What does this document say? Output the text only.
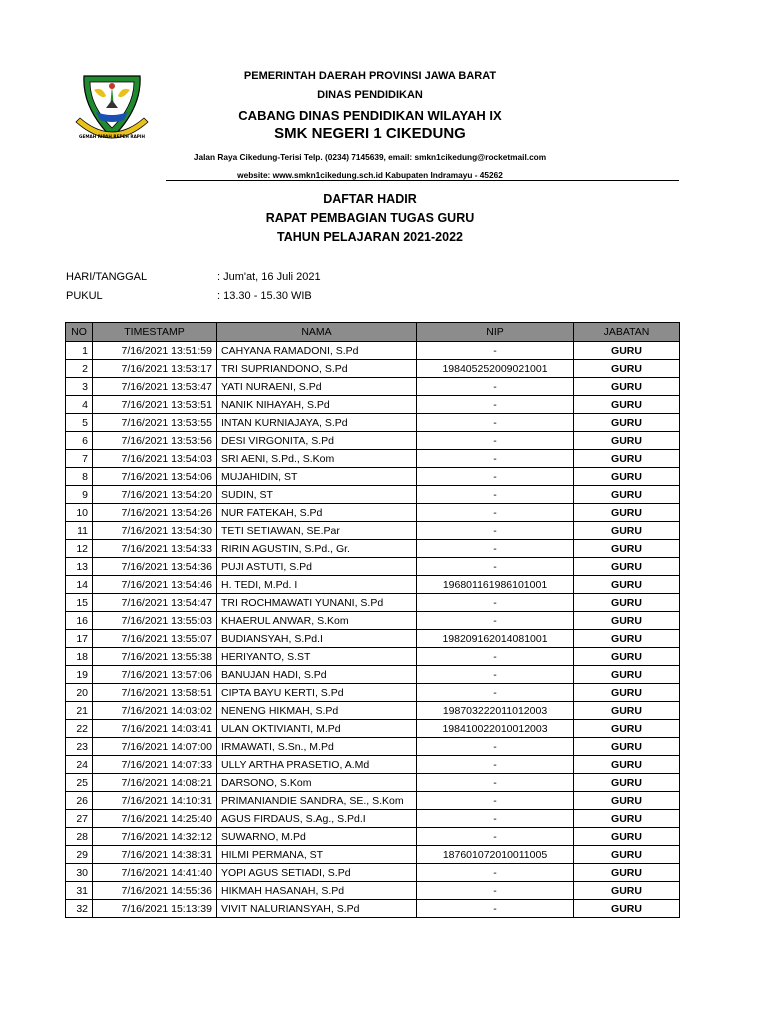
GEMAH RIPAH REPEH RAPIH
PEMERINTAH DAERAH PROVINSI JAWA BARAT
DINAS PENDIDIKAN
CABANG DINAS PENDIDIKAN WILAYAH IX
SMK NEGERI 1 CIKEDUNG
Jalan Raya Cikedung-Terisi Telp. (0234) 7145639, email: smkn1cikedung@rocketmail.com
website: www.smkn1cikedung.sch.id Kabupaten Indramayu - 45262
DAFTAR HADIR
RAPAT PEMBAGIAN TUGAS GURU
TAHUN PELAJARAN 2021-2022
HARI/TANGGAL	: Jum'at, 16 Juli 2021
PUKUL	: 13.30 - 15.30 WIB
NO	TIMESTAMP	NAMA	NIP	JABATAN
1	7/16/2021 13:51:59	CAHYANA RAMADONI, S.Pd	-	GURU
2	7/16/2021 13:53:17	TRI SUPRIANDONO, S.Pd	198405252009021001	GURU
3	7/16/2021 13:53:47	YATI NURAENI, S.Pd	-	GURU
4	7/16/2021 13:53:51	NANIK NIHAYAH, S.Pd	-	GURU
5	7/16/2021 13:53:55	INTAN KURNIAJAYA, S.Pd	-	GURU
6	7/16/2021 13:53:56	DESI VIRGONITA, S.Pd	-	GURU
7	7/16/2021 13:54:03	SRI AENI, S.Pd., S.Kom	-	GURU
8	7/16/2021 13:54:06	MUJAHIDIN, ST	-	GURU
9	7/16/2021 13:54:20	SUDIN, ST	-	GURU
10	7/16/2021 13:54:26	NUR FATEKAH, S.Pd	-	GURU
11	7/16/2021 13:54:30	TETI SETIAWAN, SE.Par	-	GURU
12	7/16/2021 13:54:33	RIRIN AGUSTIN, S.Pd., Gr.	-	GURU
13	7/16/2021 13:54:36	PUJI ASTUTI, S.Pd	-	GURU
14	7/16/2021 13:54:46	H. TEDI, M.Pd. I	196801161986101001	GURU
15	7/16/2021 13:54:47	TRI ROCHMAWATI YUNANI, S.Pd	-	GURU
16	7/16/2021 13:55:03	KHAERUL ANWAR, S.Kom	-	GURU
17	7/16/2021 13:55:07	BUDIANSYAH, S.Pd.I	198209162014081001	GURU
18	7/16/2021 13:55:38	HERIYANTO, S.ST	-	GURU
19	7/16/2021 13:57:06	BANUJAN HADI, S.Pd	-	GURU
20	7/16/2021 13:58:51	CIPTA BAYU KERTI, S.Pd	-	GURU
21	7/16/2021 14:03:02	NENENG HIKMAH, S.Pd	198703222011012003	GURU
22	7/16/2021 14:03:41	ULAN OKTIVIANTI, M.Pd	198410022010012003	GURU
23	7/16/2021 14:07:00	IRMAWATI, S.Sn., M.Pd	-	GURU
24	7/16/2021 14:07:33	ULLY ARTHA PRASETIO, A.Md	-	GURU
25	7/16/2021 14:08:21	DARSONO, S.Kom	-	GURU
26	7/16/2021 14:10:31	PRIMANIANDIE SANDRA, SE., S.Kom	-	GURU
27	7/16/2021 14:25:40	AGUS FIRDAUS, S.Ag., S.Pd.I	-	GURU
28	7/16/2021 14:32:12	SUWARNO, M.Pd	-	GURU
29	7/16/2021 14:38:31	HILMI PERMANA, ST	187601072010011005	GURU
30	7/16/2021 14:41:40	YOPI AGUS SETIADI, S.Pd	-	GURU
31	7/16/2021 14:55:36	HIKMAH HASANAH, S.Pd	-	GURU
32	7/16/2021 15:13:39	VIVIT NALURIANSYAH, S.Pd	-	GURU
